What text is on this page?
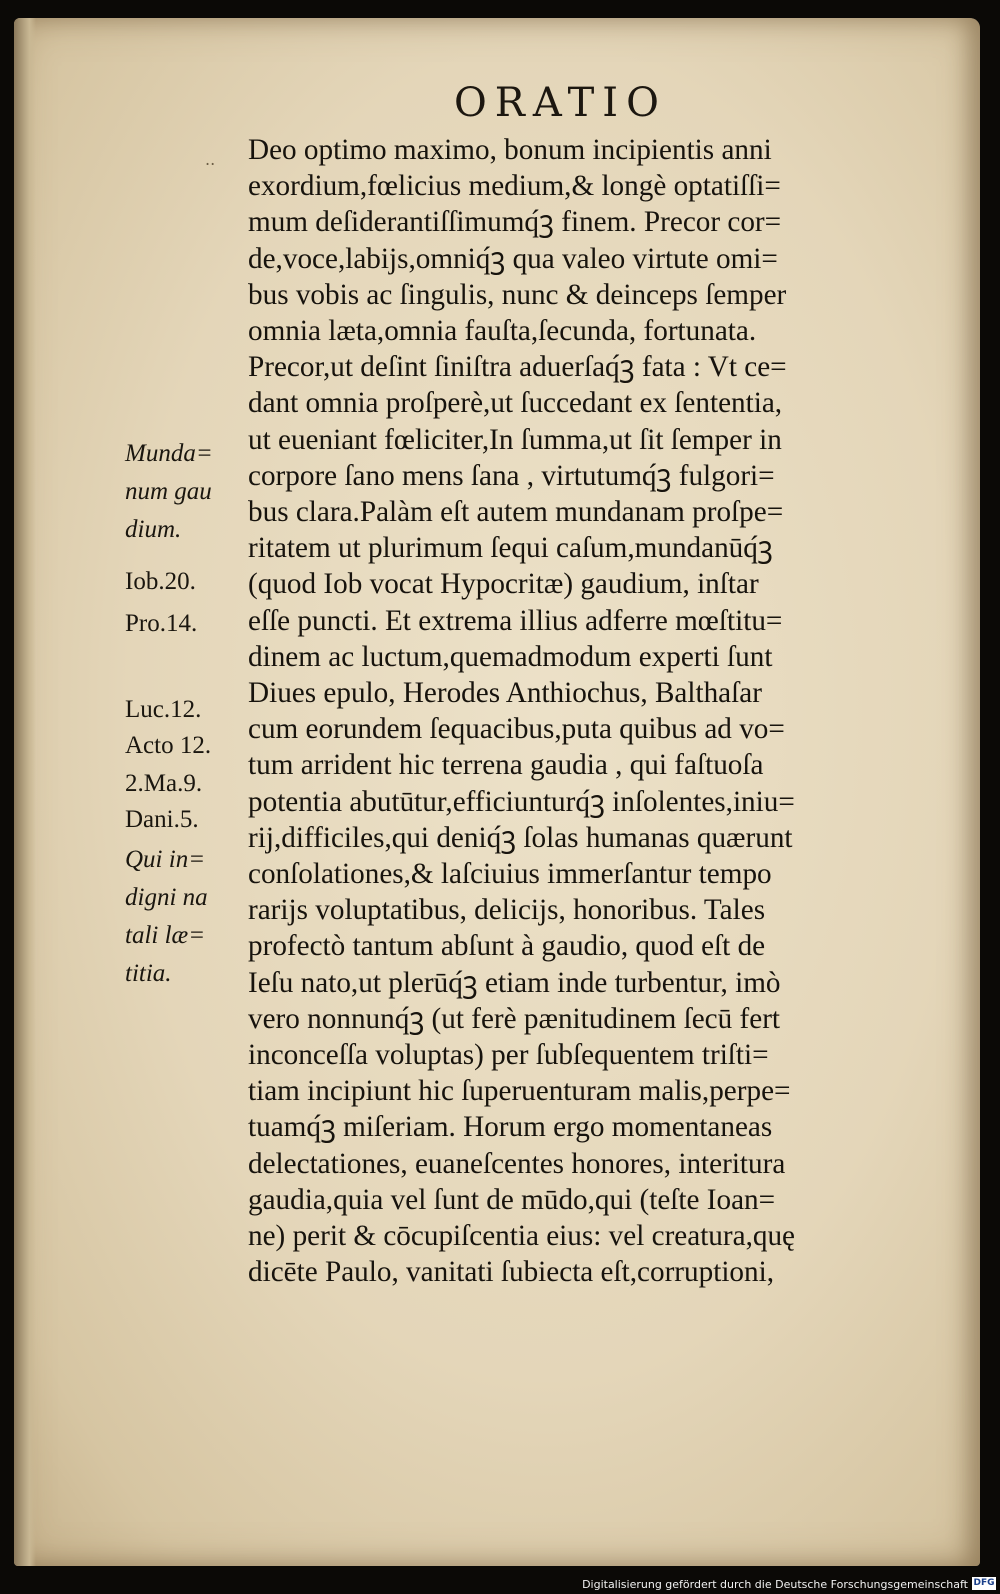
ORATIO
.. Deo optimo maximo, bonum incipientis anni
exordium,fœlicius medium,& longè optatiſſi=
mum deſiderantiſſimumq́ꝫ finem. Precor cor=
de,voce,labijs,omniq́ꝫ qua valeo virtute omi=
bus vobis ac ſingulis, nunc & deinceps ſemper
omnia læta,omnia fauſta,ſecunda, fortunata.
Precor,ut deſint ſiniſtra aduerſaq́ꝫ fata : Vt ce=
dant omnia proſperè,ut ſuccedant ex ſententia,
ut eueniant fœliciter,In ſumma,ut ſit ſemper in
corpore ſano mens ſana , virtutumq́ꝫ fulgori=
bus clara.Palàm eſt autem mundanam proſpe=
ritatem ut plurimum ſequi caſum,mundanūq́ꝫ
(quod Iob vocat Hypocritæ) gaudium, inſtar
eſſe puncti. Et extrema illius adferre mœſtitu=
dinem ac luctum,quemadmodum experti ſunt
Diues epulo, Herodes Anthiochus, Balthaſar
cum eorundem ſequacibus,puta quibus ad vo=
tum arrident hic terrena gaudia , qui faſtuoſa
potentia abutūtur,efficiunturq́ꝫ inſolentes,iniu=
rij,difficiles,qui deniq́ꝫ ſolas humanas quærunt
conſolationes,& laſciuius immerſantur tempo
rarijs voluptatibus, delicijs, honoribus. Tales
profectò tantum abſunt à gaudio, quod eſt de
Ieſu nato,ut plerūq́ꝫ etiam inde turbentur, imò
vero nonnunq́ꝫ (ut ferè pænitudinem ſecū fert
inconceſſa voluptas) per ſubſequentem triſti=
tiam incipiunt hic ſuperuenturam malis,perpe=
tuamq́ꝫ miſeriam. Horum ergo momentaneas
delectationes, euaneſcentes honores, interitura
gaudia,quia vel ſunt de mūdo,qui (teſte Ioan=
ne) perit & cōcupiſcentia eius: vel creatura,quę
dicēte Paulo, vanitati ſubiecta eſt,corruptioni,
Munda=
num gau
dium.
Iob.20.
Pro.14.
Luc.12.
Acto 12.
2.Ma.9.
Dani.5.
Qui in=
digni na
tali læ=
titia.
Digitalisierung gefördert durch die Deutsche Forschungsgemeinschaft DFG
